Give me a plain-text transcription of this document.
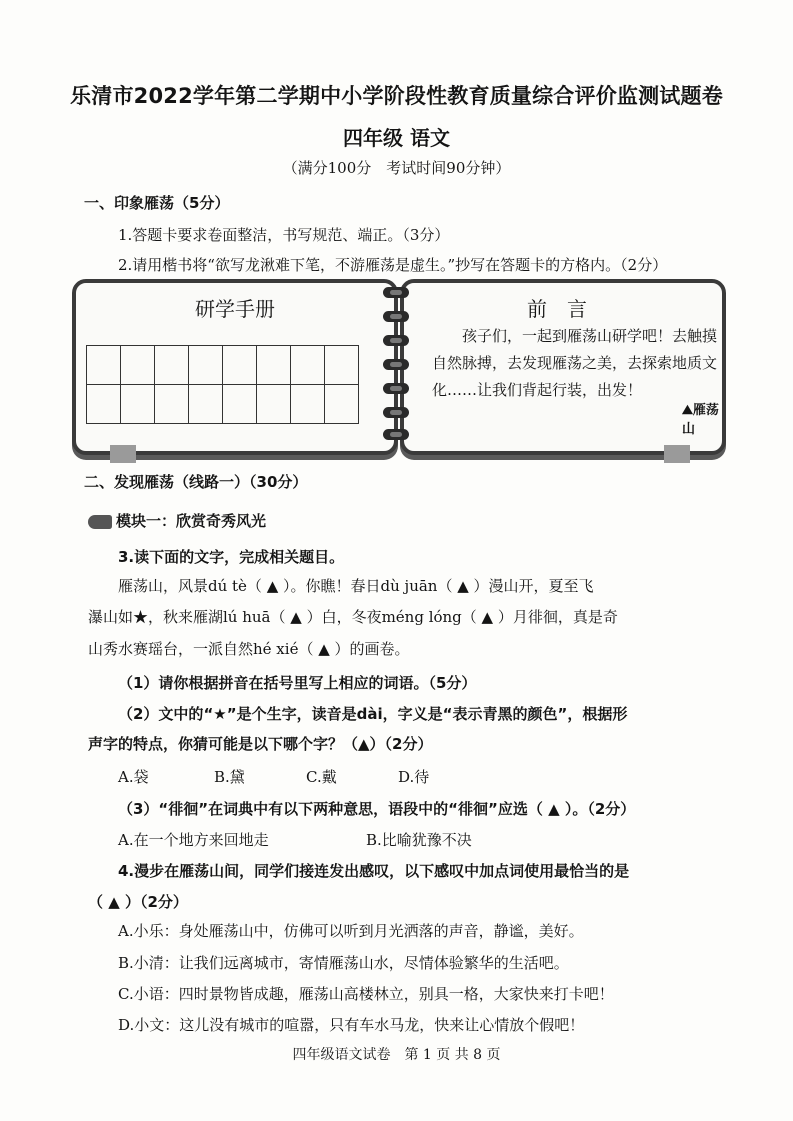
乐清市2022学年第二学期中小学阶段性教育质量综合评价监测试题卷
四年级 语文
（满分100分　考试时间90分钟）
一、印象雁荡（5分）
1.答题卡要求卷面整洁，书写规范、端正。（3分）
2.请用楷书将“欲写龙湫难下笔，不游雁荡是虚生。”抄写在答题卡的方格内。（2分）
研学手册

								前言
孩子们，一起到雁荡山研学吧！去触摸自然脉搏，去发现雁荡之美，去探索地质文化……让我们背起行装，出发！
⛰雁荡山
二、发现雁荡（线路一）（30分）
模块一：欣赏奇秀风光
3.读下面的文字，完成相关题目。
雁荡山，风景dú tè（ ▲ ）。你瞧！春日dù juān（ ▲ ）漫山开，夏至飞
瀑山如★，秋来雁湖lú huā（ ▲ ）白，冬夜méng lóng（ ▲ ）月徘徊，真是奇
山秀水赛瑶台，一派自然hé xié（ ▲ ）的画卷。
（1）请你根据拼音在括号里写上相应的词语。（5分）
（2）文中的“★”是个生字，读音是dài，字义是“表示青黑的颜色”，根据形
声字的特点，你猜可能是以下哪个字？（▲）（2分）
A.袋	B.黛	C.戴	D.待
（3）“徘徊”在词典中有以下两种意思，语段中的“徘徊”应选（ ▲ ）。（2分）
A.在一个地方来回地走	B.比喻犹豫不决
4.漫步在雁荡山间，同学们接连发出感叹，以下感叹中加点词使用最恰当的是
（ ▲ ）（2分）
A.小乐：身处雁荡山中，仿佛可以听到月光洒落的声音，静谧，美好。
B.小清：让我们远离城市，寄情雁荡山水，尽情体验繁华的生活吧。
C.小语：四时景物皆成趣，雁荡山高楼林立，别具一格，大家快来打卡吧！
D.小文：这儿没有城市的喧嚣，只有车水马龙，快来让心情放个假吧！
四年级语文试卷　第 1 页 共 8 页
